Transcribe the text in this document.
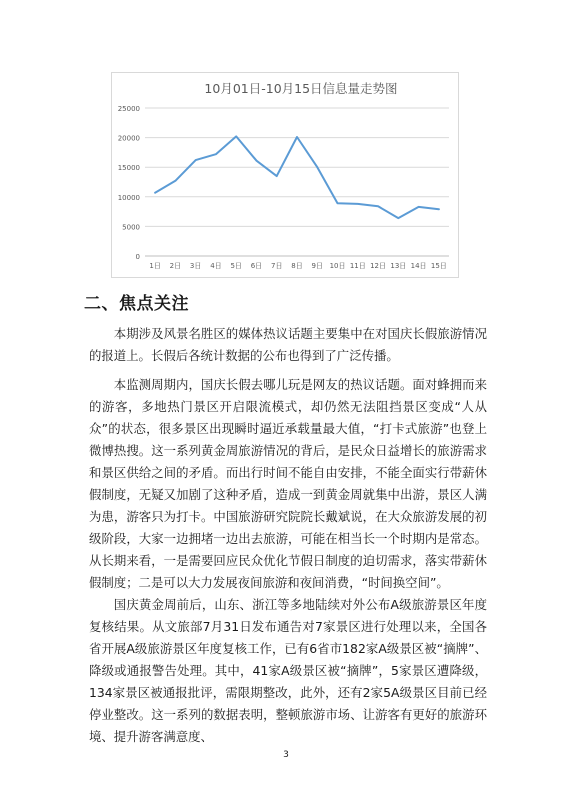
10月01日-10月15日信息量走势图
0
5000
10000
15000
20000
25000
1日 2日 3日 4日 5日 6日 7日 8日 9日 10日 11日 12日 13日 14日 15日
二、焦点关注

本期涉及风景名胜区的媒体热议话题主要集中在对国庆长假旅游情况的报道上。长假后各统计数据的公布也得到了广泛传播。

本监测周期内，国庆长假去哪儿玩是网友的热议话题。面对蜂拥而来的游客，多地热门景区开启限流模式，却仍然无法阻挡景区变成“人从众”的状态，很多景区出现瞬时逼近承载量最大值，“打卡式旅游”也登上微博热搜。这一系列黄金周旅游情况的背后，是民众日益增长的旅游需求和景区供给之间的矛盾。而出行时间不能自由安排，不能全面实行带薪休假制度，无疑又加剧了这种矛盾，造成一到黄金周就集中出游，景区人满为患，游客只为打卡。中国旅游研究院院长戴斌说，在大众旅游发展的初级阶段，大家一边拥堵一边出去旅游，可能在相当长一个时期内是常态。从长期来看，一是需要回应民众优化节假日制度的迫切需求，落实带薪休假制度；二是可以大力发展夜间旅游和夜间消费，“时间换空间”。

国庆黄金周前后，山东、浙江等多地陆续对外公布A级旅游景区年度复核结果。从文旅部7月31日发布通告对7家景区进行处理以来，全国各省开展A级旅游景区年度复核工作，已有6省市182家A级景区被“摘牌”、降级或通报警告处理。其中，41家A级景区被“摘牌”，5家景区遭降级，134家景区被通报批评，需限期整改，此外，还有2家5A级景区目前已经停业整改。这一系列的数据表明，整顿旅游市场、让游客有更好的旅游环境、提升游客满意度、

3
